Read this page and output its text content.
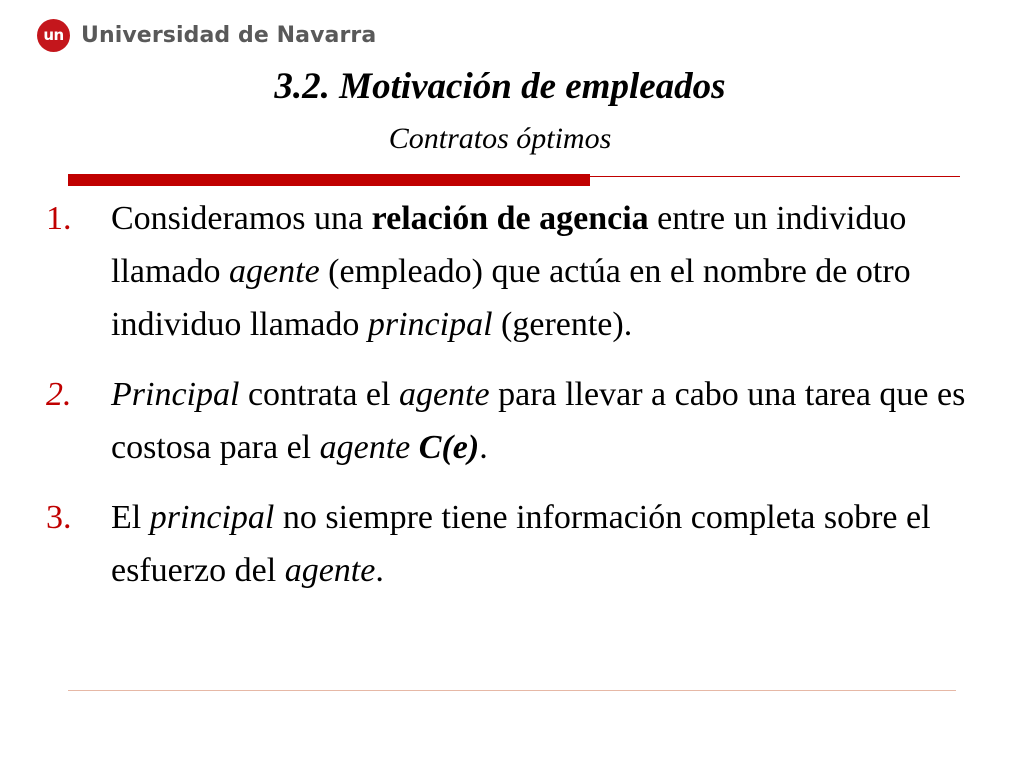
un Universidad de Navarra
3.2. Motivación de empleados
Contratos óptimos
1.	Consideramos una relación de agencia entre un individuo llamado agente (empleado) que actúa en el nombre de otro individuo llamado principal (gerente).
2.	Principal contrata el agente para llevar a cabo una tarea que es costosa para el agente C(e).
3.	El principal no siempre tiene información completa sobre el esfuerzo del agente.
